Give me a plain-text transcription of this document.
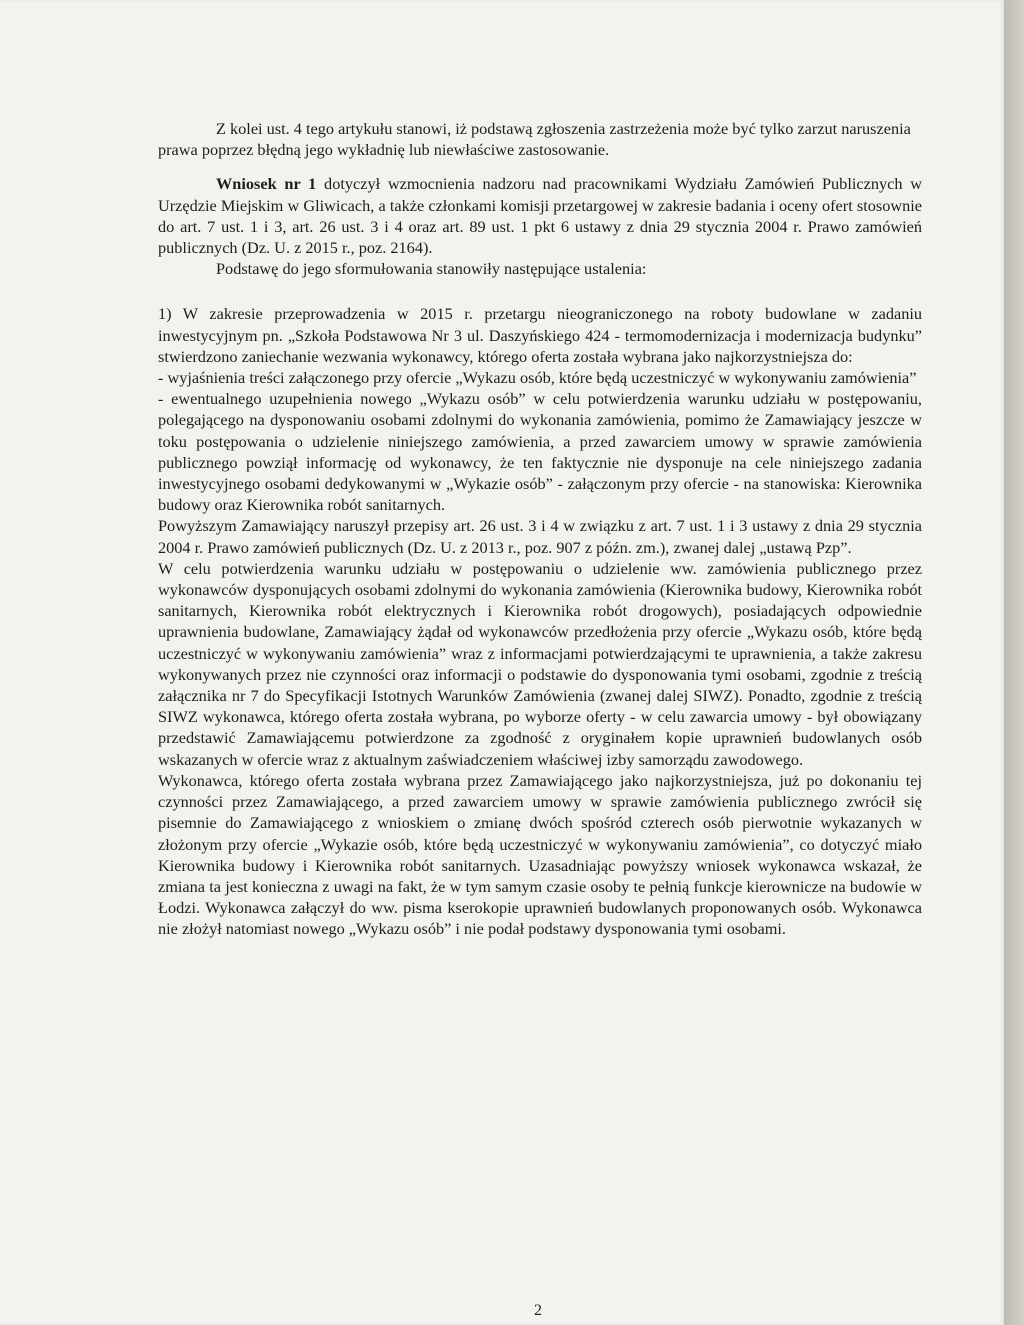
Z kolei ust. 4 tego artykułu stanowi, iż podstawą zgłoszenia zastrzeżenia może być tylko zarzut naruszenia prawa poprzez błędną jego wykładnię lub niewłaściwe zastosowanie.

Wniosek nr 1 dotyczył wzmocnienia nadzoru nad pracownikami Wydziału Zamówień Publicznych w Urzędzie Miejskim w Gliwicach, a także członkami komisji przetargowej w zakresie badania i oceny ofert stosownie do art. 7 ust. 1 i 3, art. 26 ust. 3 i 4 oraz art. 89 ust. 1 pkt 6 ustawy z dnia 29 stycznia 2004 r. Prawo zamówień publicznych (Dz. U. z 2015 r., poz. 2164).

Podstawę do jego sformułowania stanowiły następujące ustalenia:

1) W zakresie przeprowadzenia w 2015 r. przetargu nieograniczonego na roboty budowlane w zadaniu inwestycyjnym pn. „Szkoła Podstawowa Nr 3 ul. Daszyńskiego 424 - termomodernizacja i modernizacja budynku” stwierdzono zaniechanie wezwania wykonawcy, którego oferta została wybrana jako najkorzystniejsza do:

- wyjaśnienia treści załączonego przy ofercie „Wykazu osób, które będą uczestniczyć w wykonywaniu zamówienia”

- ewentualnego uzupełnienia nowego „Wykazu osób” w celu potwierdzenia warunku udziału w postępowaniu, polegającego na dysponowaniu osobami zdolnymi do wykonania zamówienia, pomimo że Zamawiający jeszcze w toku postępowania o udzielenie niniejszego zamówienia, a przed zawarciem umowy w sprawie zamówienia publicznego powziął informację od wykonawcy, że ten faktycznie nie dysponuje na cele niniejszego zadania inwestycyjnego osobami dedykowanymi w „Wykazie osób” - załączonym przy ofercie - na stanowiska: Kierownika budowy oraz Kierownika robót sanitarnych.

Powyższym Zamawiający naruszył przepisy art. 26 ust. 3 i 4 w związku z art. 7 ust. 1 i 3 ustawy z dnia 29 stycznia 2004 r. Prawo zamówień publicznych (Dz. U. z 2013 r., poz. 907 z późn. zm.), zwanej dalej „ustawą Pzp”.

W celu potwierdzenia warunku udziału w postępowaniu o udzielenie ww. zamówienia publicznego przez wykonawców dysponujących osobami zdolnymi do wykonania zamówienia (Kierownika budowy, Kierownika robót sanitarnych, Kierownika robót elektrycznych i Kierownika robót drogowych), posiadających odpowiednie uprawnienia budowlane, Zamawiający żądał od wykonawców przedłożenia przy ofercie „Wykazu osób, które będą uczestniczyć w wykonywaniu zamówienia” wraz z informacjami potwierdzającymi te uprawnienia, a także zakresu wykonywanych przez nie czynności oraz informacji o podstawie do dysponowania tymi osobami, zgodnie z treścią załącznika nr 7 do Specyfikacji Istotnych Warunków Zamówienia (zwanej dalej SIWZ). Ponadto, zgodnie z treścią SIWZ wykonawca, którego oferta została wybrana, po wyborze oferty - w celu zawarcia umowy - był obowiązany przedstawić Zamawiającemu potwierdzone za zgodność z oryginałem kopie uprawnień budowlanych osób wskazanych w ofercie wraz z aktualnym zaświadczeniem właściwej izby samorządu zawodowego.

Wykonawca, którego oferta została wybrana przez Zamawiającego jako najkorzystniejsza, już po dokonaniu tej czynności przez Zamawiającego, a przed zawarciem umowy w sprawie zamówienia publicznego zwrócił się pisemnie do Zamawiającego z wnioskiem o zmianę dwóch spośród czterech osób pierwotnie wykazanych w złożonym przy ofercie „Wykazie osób, które będą uczestniczyć w wykonywaniu zamówienia”, co dotyczyć miało Kierownika budowy i Kierownika robót sanitarnych. Uzasadniając powyższy wniosek wykonawca wskazał, że zmiana ta jest konieczna z uwagi na fakt, że w tym samym czasie osoby te pełnią funkcje kierownicze na budowie w Łodzi. Wykonawca załączył do ww. pisma kserokopie uprawnień budowlanych proponowanych osób. Wykonawca nie złożył natomiast nowego „Wykazu osób” i nie podał podstawy dysponowania tymi osobami.

2
